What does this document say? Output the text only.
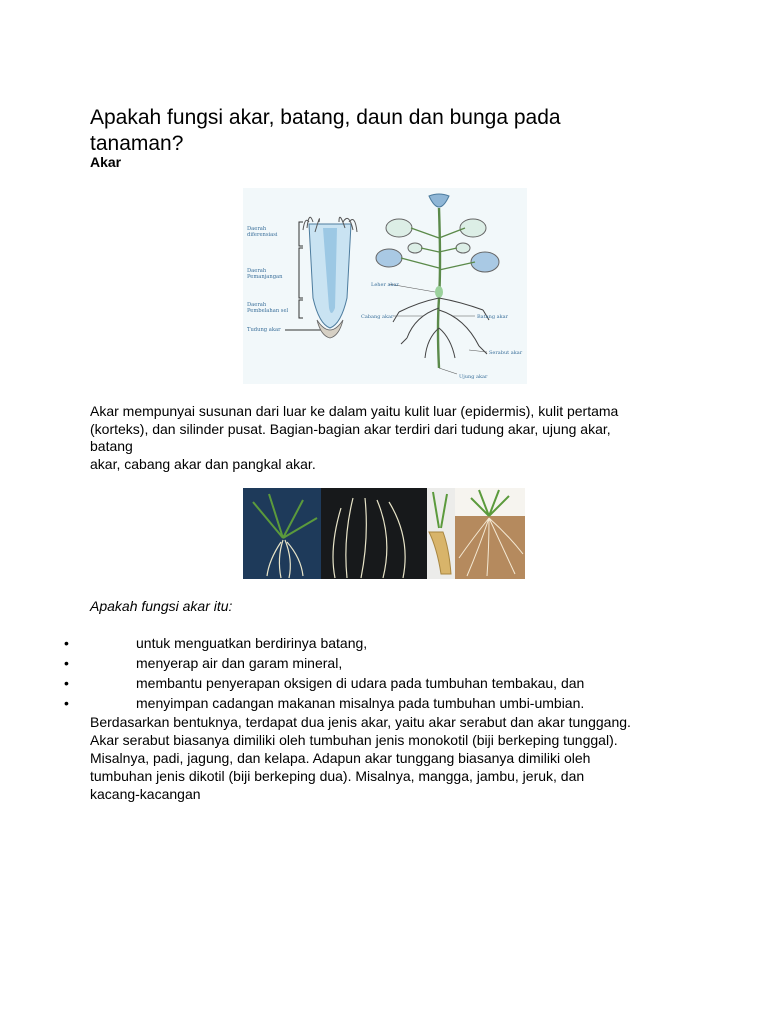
Apakah fungsi akar, batang, daun dan bunga pada tanaman?
Akar
Daerah diferensiasi
Daerah Pemanjangan
Daerah Pembelahan sel
Tudung akar
Leher akar
Cabang akar	Batang akar
Serabut akar
Ujung akar

Akar mempunyai susunan dari luar ke dalam yaitu kulit luar (epidermis), kulit pertama
(korteks), dan silinder pusat. Bagian-bagian akar terdiri dari tudung akar, ujung akar,
batang
akar, cabang akar dan pangkal akar.

Apakah fungsi akar itu:
•	untuk menguatkan berdirinya batang,
•	menyerap air dan garam mineral,
•	membantu penyerapan oksigen di udara pada tumbuhan tembakau, dan
•	menyimpan cadangan makanan misalnya pada tumbuhan umbi-umbian.

Berdasarkan bentuknya, terdapat dua jenis akar, yaitu akar serabut dan akar tunggang.
Akar serabut biasanya dimiliki oleh tumbuhan jenis monokotil (biji berkeping tunggal).
Misalnya, padi, jagung, dan kelapa. Adapun akar tunggang biasanya dimiliki oleh
tumbuhan jenis dikotil (biji berkeping dua). Misalnya, mangga, jambu, jeruk, dan
kacang-kacangan
